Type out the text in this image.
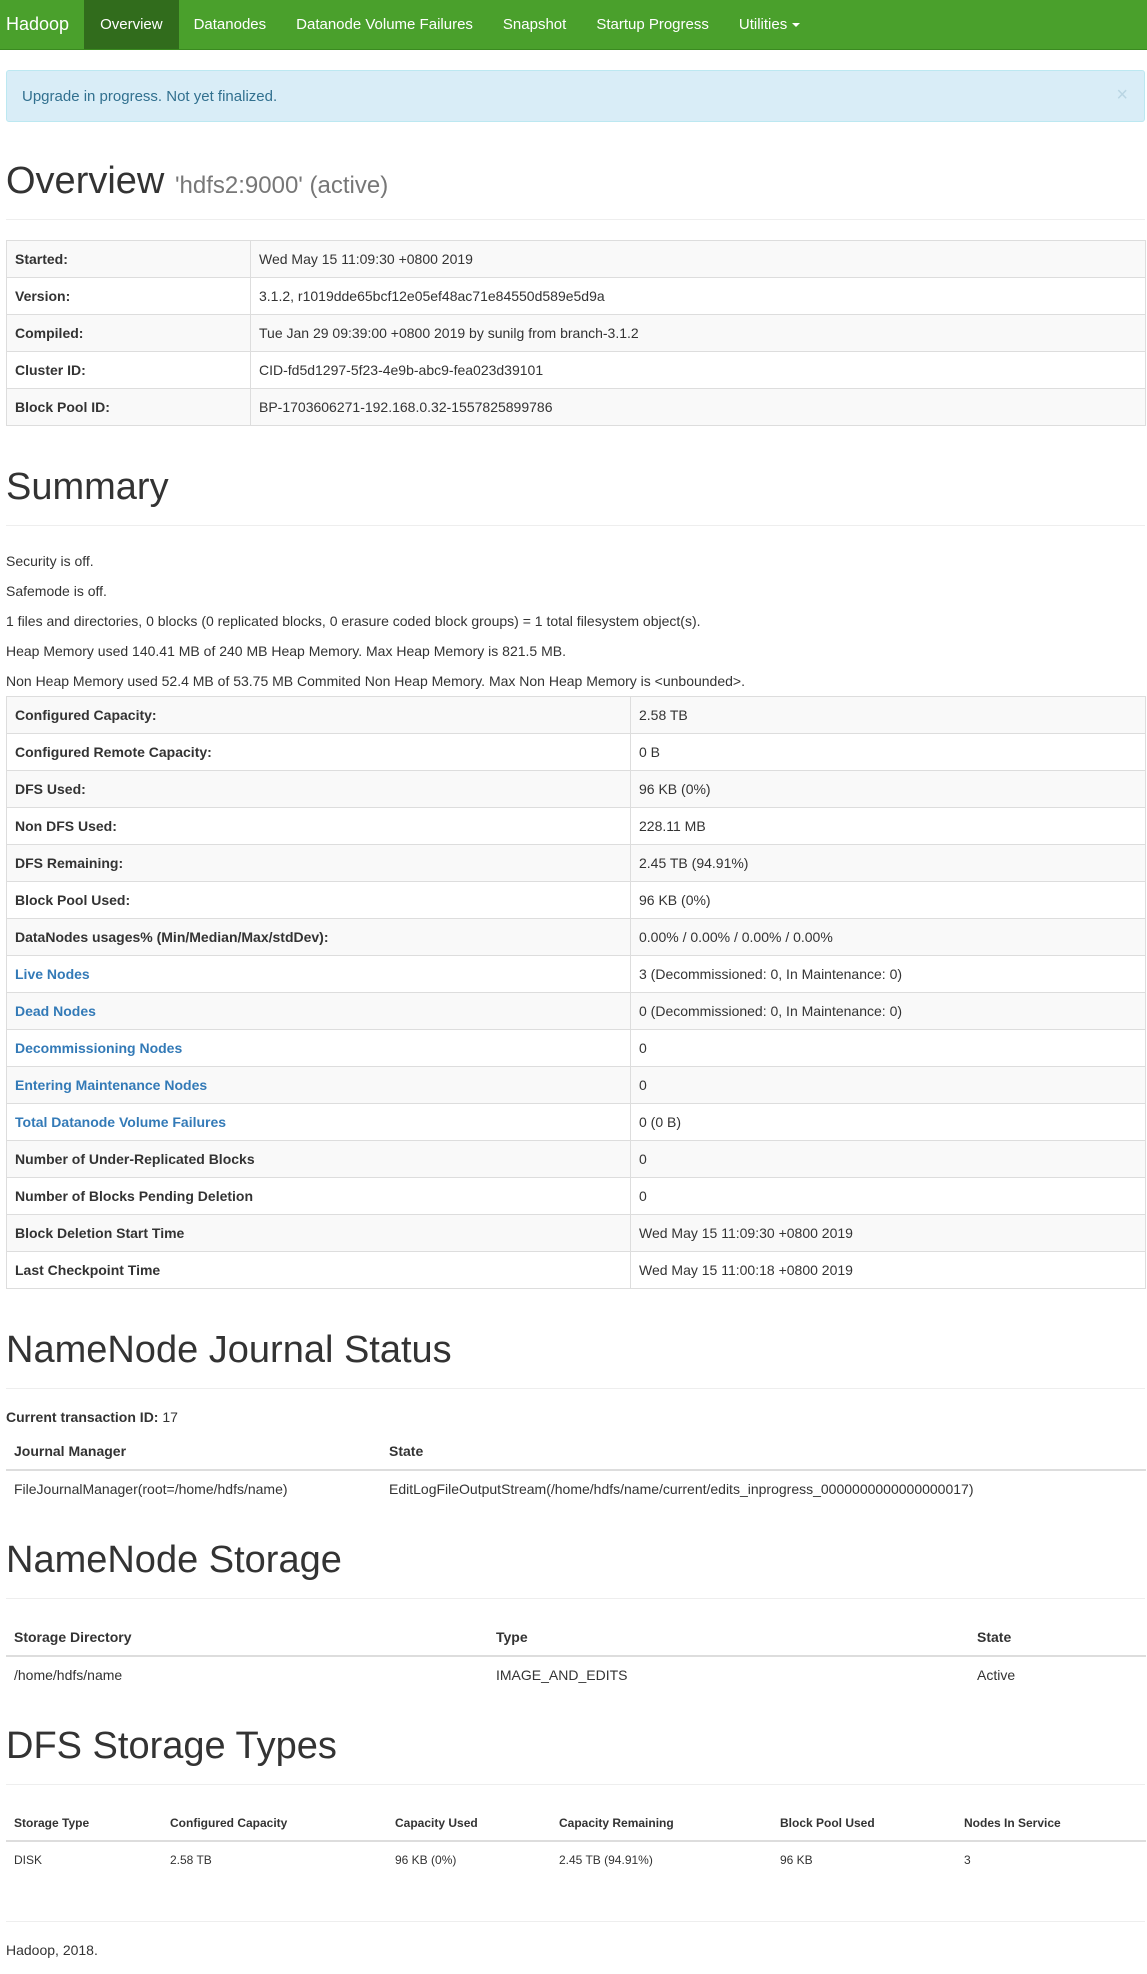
Hadoop	Overview	Datanodes	Datanode Volume Failures	Snapshot	Startup Progress	Utilities
Upgrade in progress. Not yet finalized.	×
Overview 'hdfs2:9000' (active)
Started:	Wed May 15 11:09:30 +0800 2019
Version:	3.1.2, r1019dde65bcf12e05ef48ac71e84550d589e5d9a
Compiled:	Tue Jan 29 09:39:00 +0800 2019 by sunilg from branch-3.1.2
Cluster ID:	CID-fd5d1297-5f23-4e9b-abc9-fea023d39101
Block Pool ID:	BP-1703606271-192.168.0.32-1557825899786
Summary
Security is off.
Safemode is off.
1 files and directories, 0 blocks (0 replicated blocks, 0 erasure coded block groups) = 1 total filesystem object(s).
Heap Memory used 140.41 MB of 240 MB Heap Memory. Max Heap Memory is 821.5 MB.
Non Heap Memory used 52.4 MB of 53.75 MB Commited Non Heap Memory. Max Non Heap Memory is <unbounded>.
Configured Capacity:	2.58 TB
Configured Remote Capacity:	0 B
DFS Used:	96 KB (0%)
Non DFS Used:	228.11 MB
DFS Remaining:	2.45 TB (94.91%)
Block Pool Used:	96 KB (0%)
DataNodes usages% (Min/Median/Max/stdDev):	0.00% / 0.00% / 0.00% / 0.00%
Live Nodes	3 (Decommissioned: 0, In Maintenance: 0)
Dead Nodes	0 (Decommissioned: 0, In Maintenance: 0)
Decommissioning Nodes	0
Entering Maintenance Nodes	0
Total Datanode Volume Failures	0 (0 B)
Number of Under-Replicated Blocks	0
Number of Blocks Pending Deletion	0
Block Deletion Start Time	Wed May 15 11:09:30 +0800 2019
Last Checkpoint Time	Wed May 15 11:00:18 +0800 2019
NameNode Journal Status
Current transaction ID: 17
Journal Manager	State
FileJournalManager(root=/home/hdfs/name)	EditLogFileOutputStream(/home/hdfs/name/current/edits_inprogress_0000000000000000017)
NameNode Storage
Storage Directory	Type	State
/home/hdfs/name	IMAGE_AND_EDITS	Active
DFS Storage Types
Storage Type	Configured Capacity	Capacity Used	Capacity Remaining	Block Pool Used	Nodes In Service
DISK	2.58 TB	96 KB (0%)	2.45 TB (94.91%)	96 KB	3
Hadoop, 2018.
